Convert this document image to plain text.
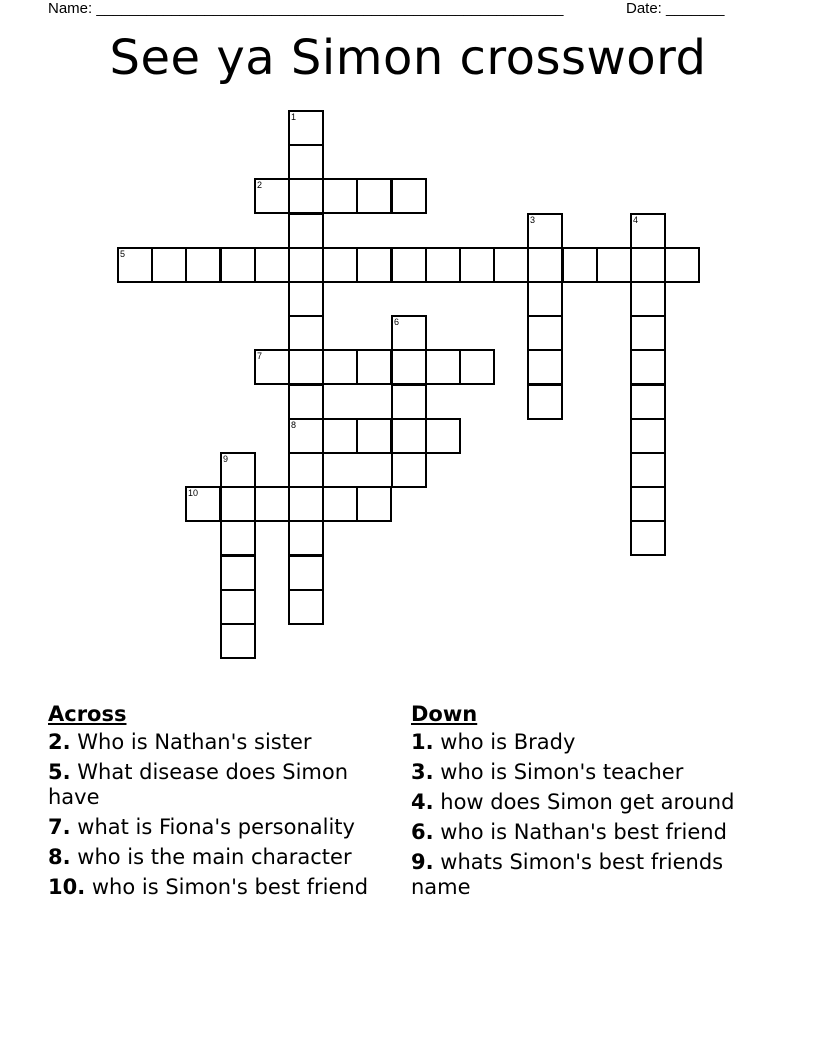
Name: ________________________________________________________	Date: _______
See ya Simon crossword
1
8
2
3	4
5
6
7
9
10
Across
2. Who is Nathan's sister
5. What disease does Simon have
7. what is Fiona's personality
8. who is the main character
10. who is Simon's best friend
Down
1. who is Brady
3. who is Simon's teacher
4. how does Simon get around
6. who is Nathan's best friend
9. whats Simon's best friends name
